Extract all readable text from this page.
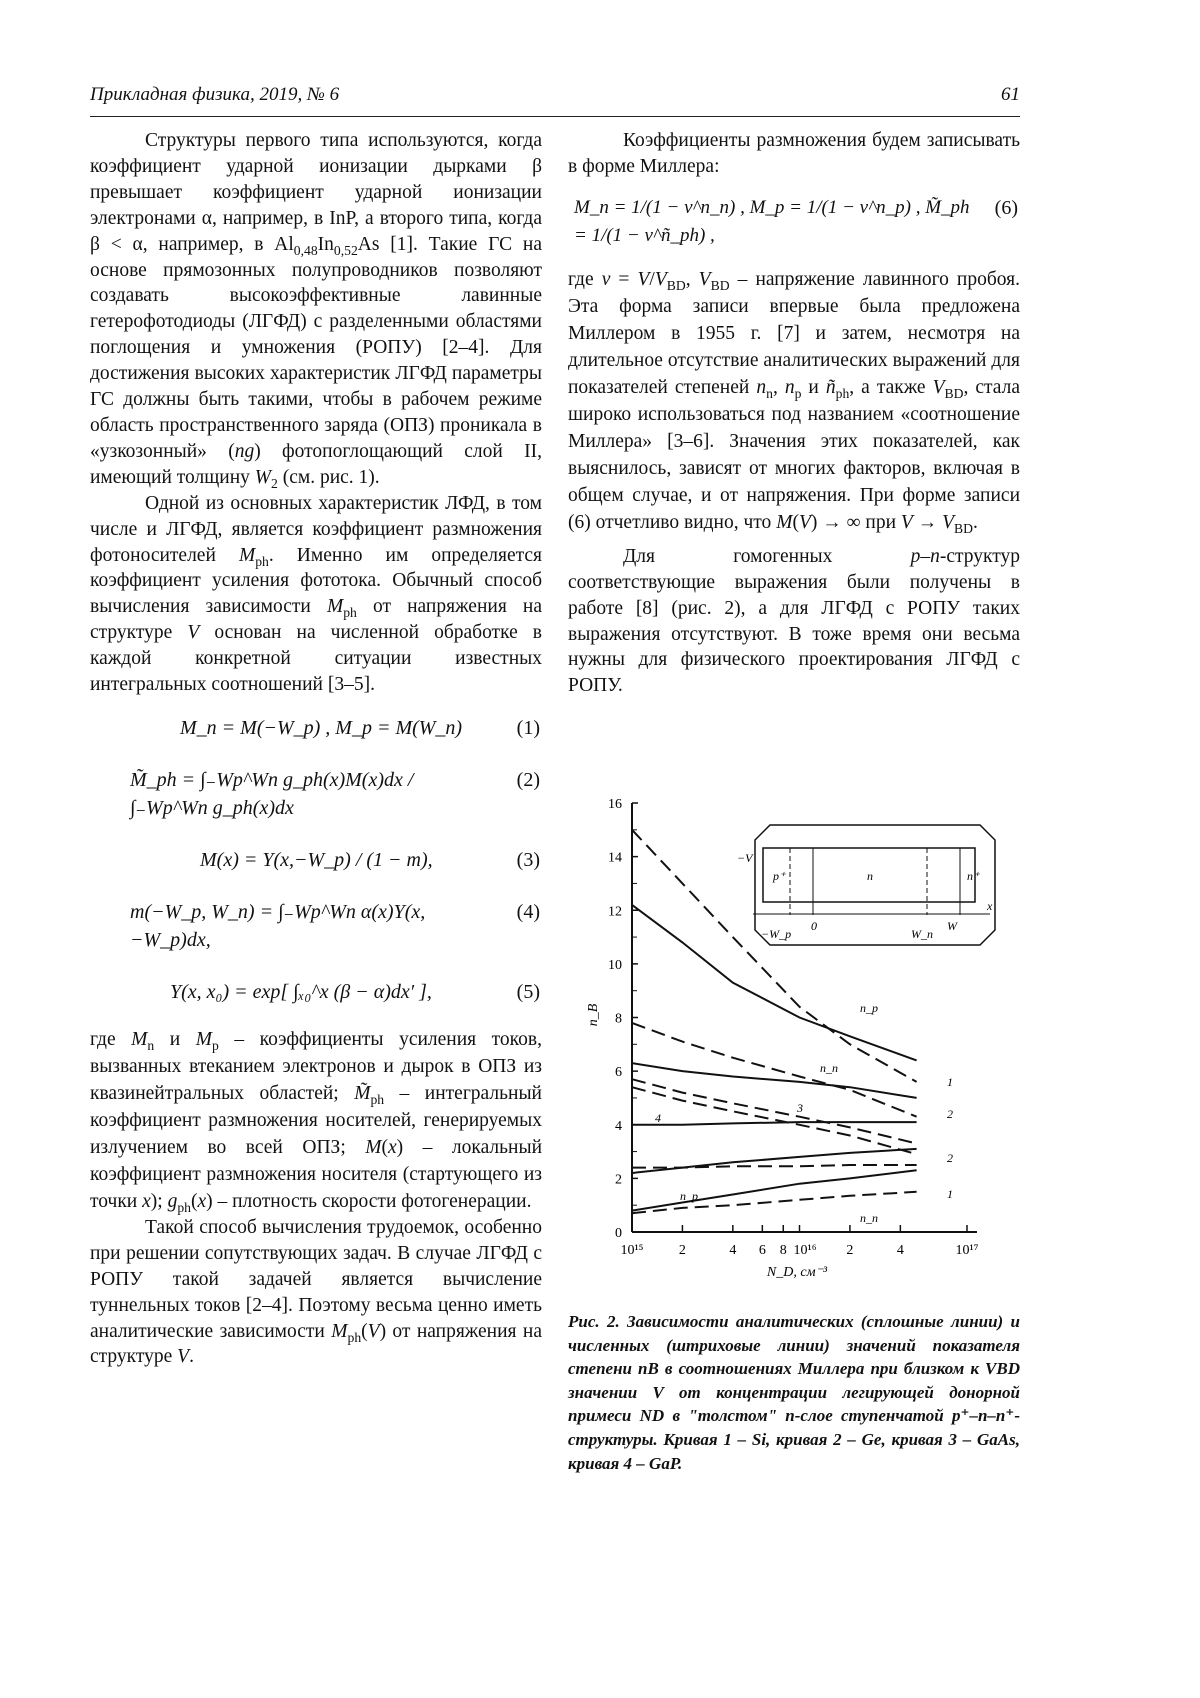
Прикладная физика, 2019, № 6	61

Структуры первого типа используются, когда коэффициент ударной ионизации дырками β превышает коэффициент ударной ионизации электронами α, например, в InP, а второго типа, когда β < α, например, в Al0,48In0,52As [1]. Такие ГС на основе прямозонных полупроводников позволяют создавать высокоэффективные лавинные гетерофотодиоды (ЛГФД) с разделенными областями поглощения и умножения (РОПУ) [2–4]. Для достижения высоких характеристик ЛГФД параметры ГС должны быть такими, чтобы в рабочем режиме область пространственного заряда (ОПЗ) проникала в «узкозонный» (ng) фотопоглощающий слой II, имеющий толщину W2 (см. рис. 1).

Одной из основных характеристик ЛФД, в том числе и ЛГФД, является коэффициент размножения фотоносителей Mph. Именно им определяется коэффициент усиления фототока. Обычный способ вычисления зависимости Mph от напряжения на структуре V основан на численной обработке в каждой конкретной ситуации известных интегральных соотношений [3–5].

M_n = M(−W_p) , M_p = M(W_n)	(1)
M̃_ph = ∫₋Wp^Wn g_ph(x)M(x)dx / ∫₋Wp^Wn g_ph(x)dx
(2)
M(x) = Y(x,−W_p) / (1 − m),	(3)
m(−W_p, W_n) = ∫₋Wp^Wn α(x)Y(x,−W_p)dx,
(4)
Y(x, x₀) = exp[ ∫ₓ₀^x (β − α)dx′ ],	(5)

где Mn и Mp – коэффициенты усиления токов, вызванных втеканием электронов и дырок в ОПЗ из квазинейтральных областей; M̃ph – интегральный коэффициент размножения носителей, генерируемых излучением во всей ОПЗ; M(x) – локальный коэффициент размножения носителя (стартующего из точки x); gph(x) – плотность скорости фотогенерации.

Такой способ вычисления трудоемок, особенно при решении сопутствующих задач. В случае ЛГФД с РОПУ такой задачей является вычисление туннельных токов [2–4]. Поэтому весьма ценно иметь аналитические зависимости Mph(V) от напряжения на структуре V.

Коэффициенты размножения будем записывать в форме Миллера:

M_n = 1/(1 − v^n_n) , M_p = 1/(1 − v^n_p) , M̃_ph = 1/(1 − v^ñ_ph) ,
(6)

где v = V/VBD, VBD – напряжение лавинного пробоя. Эта форма записи впервые была предложена Миллером в 1955 г. [7] и затем, несмотря на длительное отсутствие аналитических выражений для показателей степеней nn, np и ñph, а также VBD, стала широко использоваться под названием «соотношение Миллера» [3–6]. Значения этих показателей, как выяснилось, зависят от многих факторов, включая в общем случае, и от напряжения. При форме записи (6) отчетливо видно, что M(V) → ∞ при V → VBD.

Для гомогенных p–n-структур соответствующие выражения были получены в работе [8] (рис. 2), а для ЛГФД с РОПУ таких выражения отсутствуют. В тоже время они весьма нужны для физического проектирования ЛГФД с РОПУ.

0
2
4
6
8
10
12
14
16
10¹⁵	2	4 6 8 10¹⁶ 2	4	10¹⁷
N_D, см⁻³
n_B
−V
p⁺	n	n⁺
x
−W_p
0
W_n
W
n_p
n_n
3
4
n_p
n_n
1
2
2
1
Рис. 2. Зависимости аналитических (сплошные линии) и численных (штриховые линии) значений показателя степени nB в соотношениях Миллера при близком к VBD значении V от концентрации легирующей донорной примеси ND в "толстом" n-слое ступенчатой p⁺–n–n⁺-структуры. Кривая 1 – Si, кривая 2 – Ge, кривая 3 – GaAs, кривая 4 – GaP.
